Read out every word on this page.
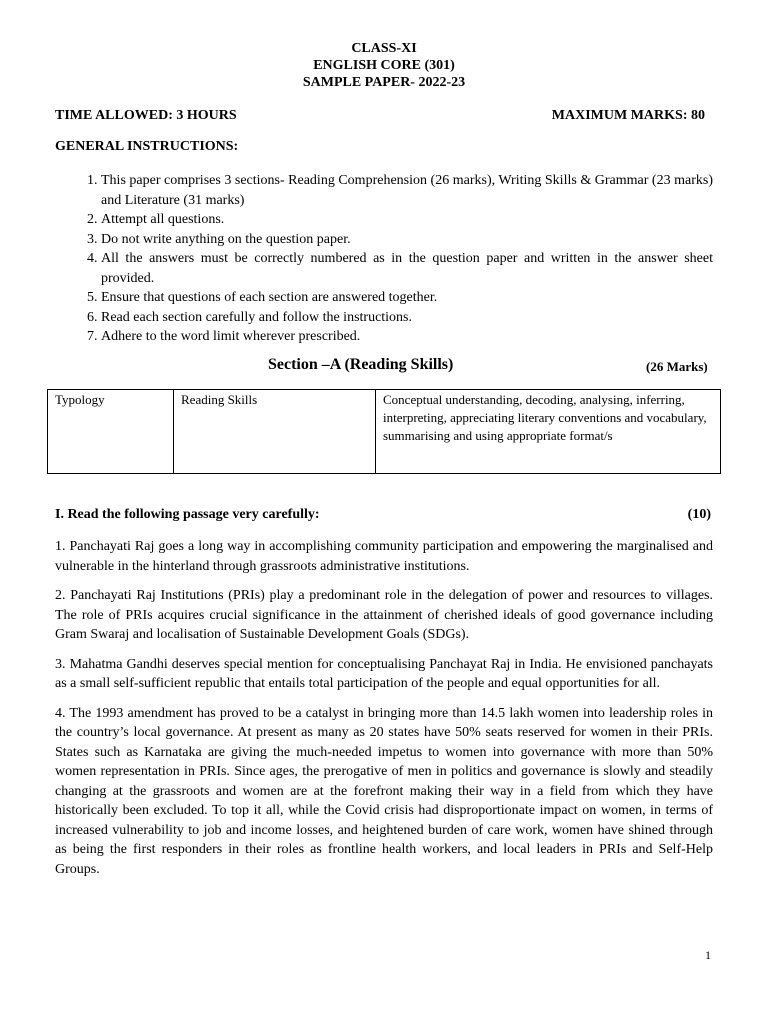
CLASS-XI
ENGLISH CORE (301)
SAMPLE PAPER- 2022-23
TIME ALLOWED: 3 HOURS	MAXIMUM MARKS: 80
GENERAL INSTRUCTIONS:
1. This paper comprises 3 sections- Reading Comprehension (26 marks), Writing Skills & Grammar (23 marks) and Literature (31 marks)
2. Attempt all questions.
3. Do not write anything on the question paper.
4. All the answers must be correctly numbered as in the question paper and written in the answer sheet provided.
5. Ensure that questions of each section are answered together.
6. Read each section carefully and follow the instructions.
7. Adhere to the word limit wherever prescribed.
Section –A (Reading Skills)	(26 Marks)
Typology	Reading Skills	Conceptual understanding, decoding, analysing, inferring, interpreting, appreciating literary conventions and vocabulary, summarising and using appropriate format/s
I. Read the following passage very carefully:	(10)

1. Panchayati Raj goes a long way in accomplishing community participation and empowering the marginalised and vulnerable in the hinterland through grassroots administrative institutions.

2. Panchayati Raj Institutions (PRIs) play a predominant role in the delegation of power and resources to villages. The role of PRIs acquires crucial significance in the attainment of cherished ideals of good governance including Gram Swaraj and localisation of Sustainable Development Goals (SDGs).

3. Mahatma Gandhi deserves special mention for conceptualising Panchayat Raj in India. He envisioned panchayats as a small self-sufficient republic that entails total participation of the people and equal opportunities for all.

4. The 1993 amendment has proved to be a catalyst in bringing more than 14.5 lakh women into leadership roles in the country’s local governance. At present as many as 20 states have 50% seats reserved for women in their PRIs. States such as Karnataka are giving the much-needed impetus to women into governance with more than 50% women representation in PRIs. Since ages, the prerogative of men in politics and governance is slowly and steadily changing at the grassroots and women are at the forefront making their way in a field from which they have historically been excluded. To top it all, while the Covid crisis had disproportionate impact on women, in terms of increased vulnerability to job and income losses, and heightened burden of care work, women have shined through as being the first responders in their roles as frontline health workers, and local leaders in PRIs and Self-Help Groups.

1
